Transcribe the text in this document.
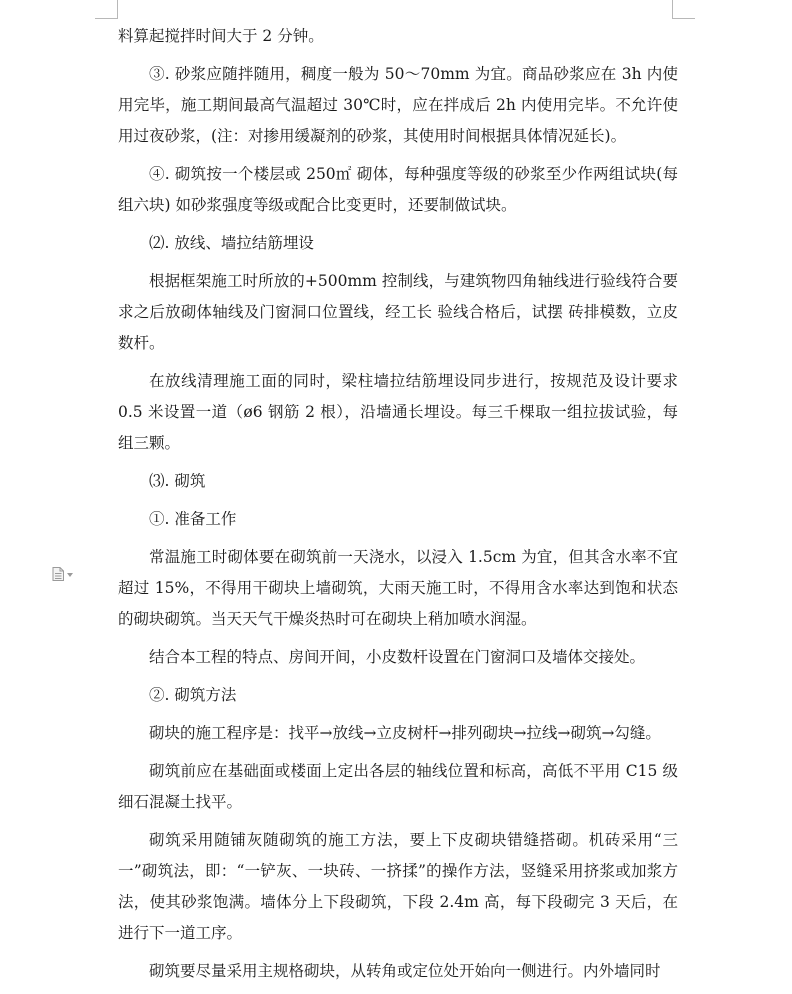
料算起搅拌时间大于 2 分钟。

③. 砂浆应随拌随用，稠度一般为 50～70mm 为宜。商品砂浆应在 3h 内使用完毕，施工期间最高气温超过 30℃时，应在拌成后 2h 内使用完毕。不允许使用过夜砂浆，(注：对掺用缓凝剂的砂浆，其使用时间根据具体情况延长)。

④. 砌筑按一个楼层或 250㎡ 砌体，每种强度等级的砂浆至少作两组试块(每组六块) 如砂浆强度等级或配合比变更时，还要制做试块。

⑵. 放线、墙拉结筋埋设

根据框架施工时所放的+500mm 控制线，与建筑物四角轴线进行验线符合要求之后放砌体轴线及门窗洞口位置线，经工长 验线合格后，试摆 砖排模数，立皮数杆。

在放线清理施工面的同时，梁柱墙拉结筋埋设同步进行，按规范及设计要求 0.5 米设置一道（ø6 钢筋 2 根），沿墙通长埋设。每三千棵取一组拉拔试验，每组三颗。

⑶. 砌筑

①. 准备工作

常温施工时砌体要在砌筑前一天浇水，以浸入 1.5cm 为宜，但其含水率不宜超过 15%，不得用干砌块上墙砌筑，大雨天施工时，不得用含水率达到饱和状态的砌块砌筑。当天天气干燥炎热时可在砌块上稍加喷水润湿。

结合本工程的特点、房间开间，小皮数杆设置在门窗洞口及墙体交接处。

②. 砌筑方法

砌块的施工程序是：找平→放线→立皮树杆→排列砌块→拉线→砌筑→勾缝。

砌筑前应在基础面或楼面上定出各层的轴线位置和标高，高低不平用 C15 级细石混凝土找平。

砌筑采用随铺灰随砌筑的施工方法，要上下皮砌块错缝搭砌。机砖采用“三一”砌筑法，即：“一铲灰、一块砖、一挤揉”的操作方法，竖缝采用挤浆或加浆方法，使其砂浆饱满。墙体分上下段砌筑，下段 2.4m 高，每下段砌完 3 天后，在进行下一道工序。

砌筑要尽量采用主规格砌块，从转角或定位处开始向一侧进行。内外墙同时
